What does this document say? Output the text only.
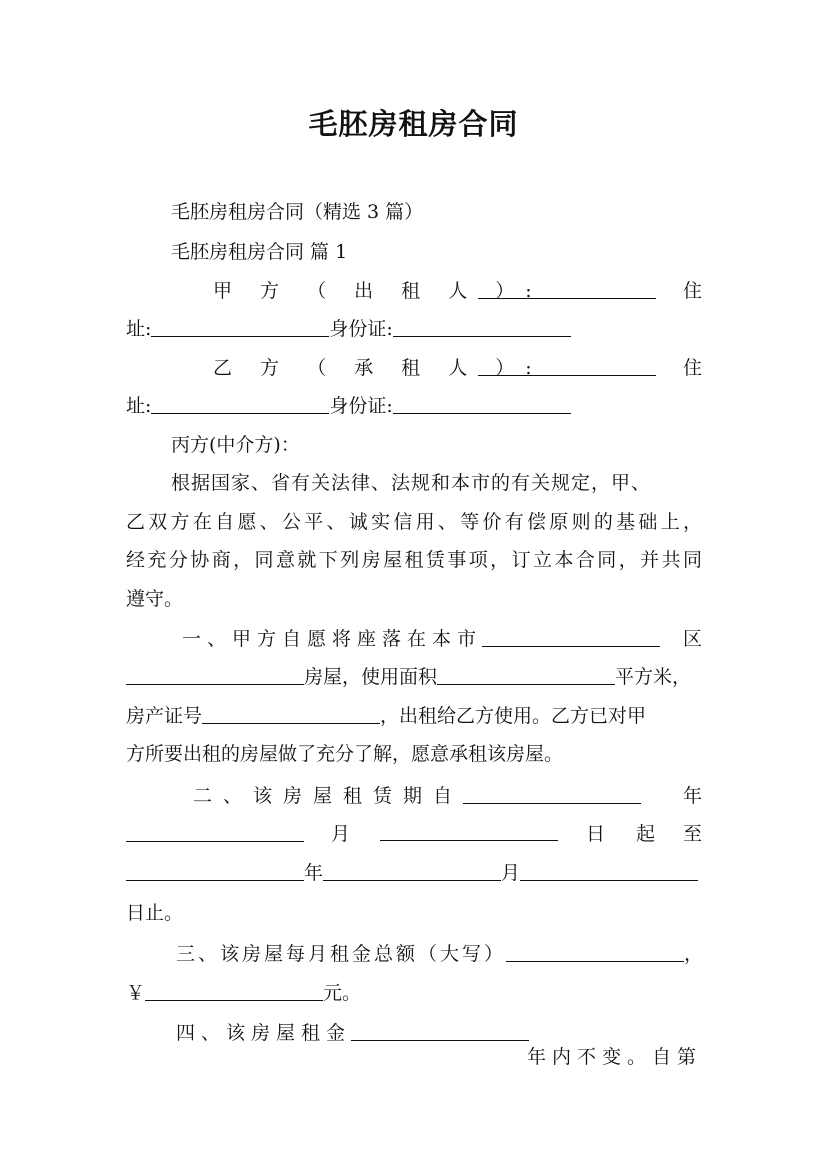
毛胚房租房合同
毛胚房租房合同（精选 3 篇）
毛胚房租房合同 篇 1
甲 方 （ 出 租 人 ）:	住
址:	身份证:
乙 方 （ 承 租 人 ）:	住
址:	身份证:
丙方(中介方)：
根据国家、省有关法律、法规和本市的有关规定，甲、
乙双方在自愿、公平、诚实信用、等价有偿原则的基础上，
经充分协商，同意就下列房屋租赁事项，订立本合同，并共同
遵守。
一、甲方自愿将座落在本市	区
房屋，使用面积	平方米，
房产证号	，出租给乙方使用。乙方已对甲
方所要出租的房屋做了充分了解，愿意承租该房屋。
二、该房屋租赁期自	年
月	日 起 至
年	月
日止。
三、该房屋每月租金总额（大写）	，
￥	元。
四、该房屋租金
年内不变。自第
